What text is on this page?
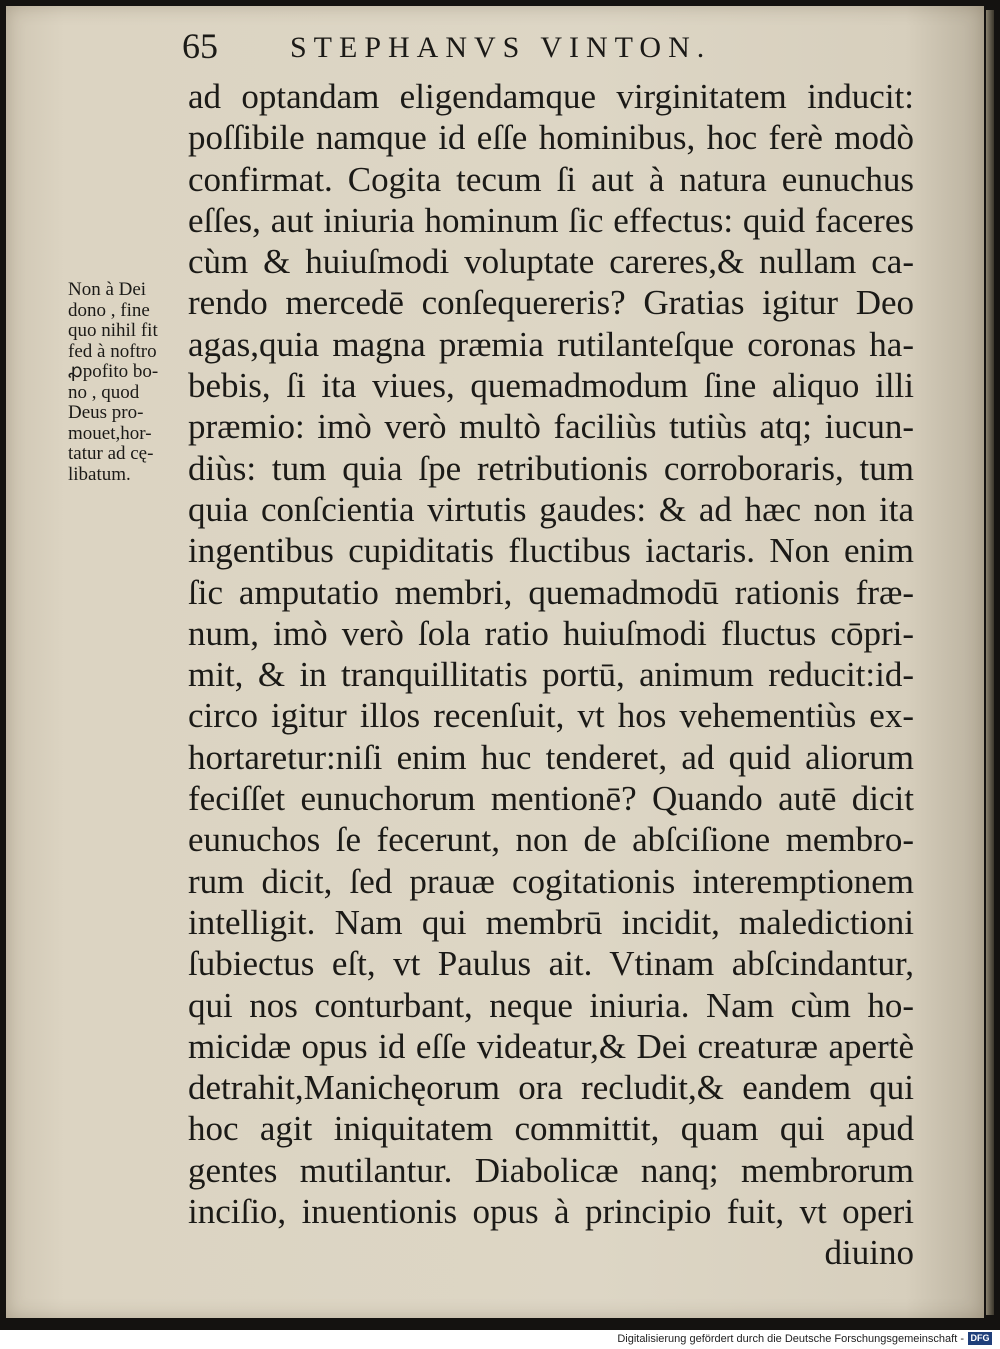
65 STEPHANVS VINTON.
Non à Dei
dono , fine
quo nihil fit
fed à noftro
ꝓpofito bo-
no , quod
Deus pro-
mouet,hor-
tatur ad cę-
libatum.
ad optandam eligendamque virginitatem inducit:
poſſibile namque id eſſe hominibus, hoc ferè modò
confirmat. Cogita tecum ſi aut à natura eunuchus
eſſes, aut iniuria hominum ſic effectus: quid faceres
cùm & huiuſmodi voluptate careres,& nullam ca-
rendo mercedē conſequereris? Gratias igitur Deo
agas,quia magna præmia rutilanteſque coronas ha-
bebis, ſi ita viues, quemadmodum ſine aliquo illi
præmio: imò verò multò faciliùs tutiùs atq; iucun-
diùs: tum quia ſpe retributionis corroboraris, tum
quia conſcientia virtutis gaudes: & ad hæc non ita
ingentibus cupiditatis fluctibus iactaris. Non enim
ſic amputatio membri, quemadmodū rationis fræ-
num, imò verò ſola ratio huiuſmodi fluctus cōpri-
mit, & in tranquillitatis portū, animum reducit:id-
circo igitur illos recenſuit, vt hos vehementiùs ex-
hortaretur:niſi enim huc tenderet, ad quid aliorum
feciſſet eunuchorum mentionē? Quando autē dicit
eunuchos ſe fecerunt, non de abſciſione membro-
rum dicit, ſed prauæ cogitationis interemptionem
intelligit. Nam qui membrū incidit, maledictioni
ſubiectus eſt, vt Paulus ait. Vtinam abſcindantur,
qui nos conturbant, neque iniuria. Nam cùm ho-
micidæ opus id eſſe videatur,& Dei creaturæ apertè
detrahit,Manichęorum ora recludit,& eandem qui
hoc agit iniquitatem committit, quam qui apud
gentes mutilantur. Diabolicæ nanq; membrorum
inciſio, inuentionis opus à principio fuit, vt operi
diuino
Digitalisierung gefördert durch die Deutsche Forschungsgemeinschaft - DFG
